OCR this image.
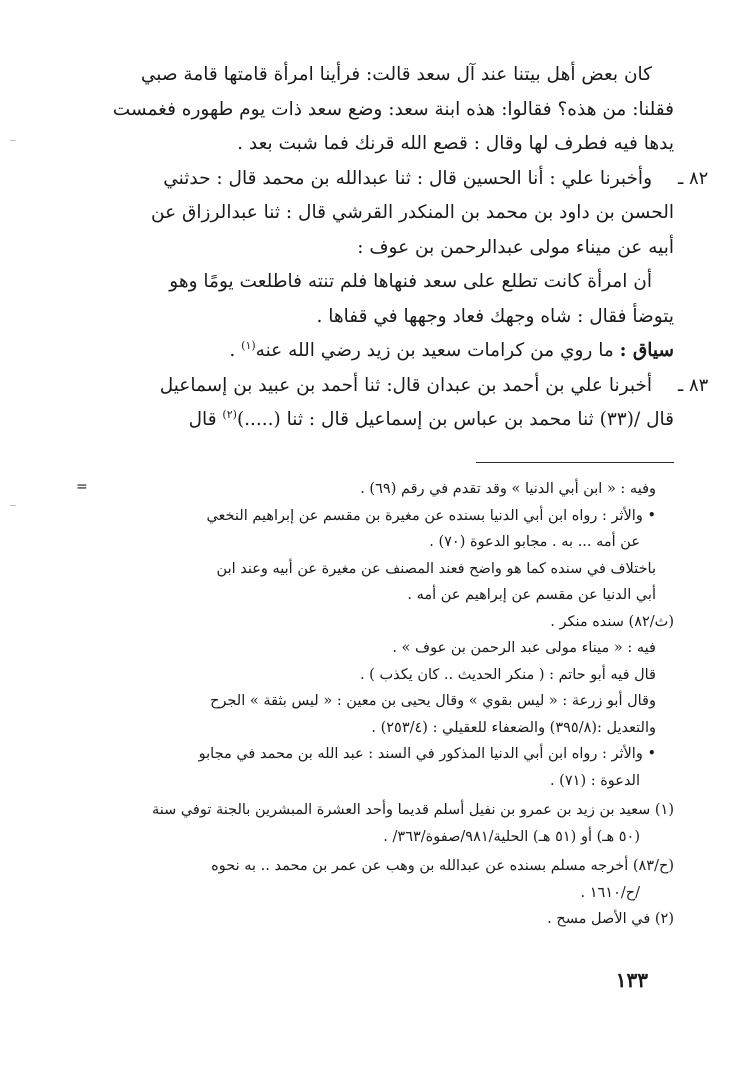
كان بعض أهل بيتنا عند آل سعد قالت: فرأينا امرأة قامتها قامة صبي

فقلنا: من هذه؟ فقالوا: هذه ابنة سعد: وضع سعد ذات يوم طهوره فغمست

يدها فيه فطرف لها وقال : قصع الله قرنك فما شبت بعد .

٨٢ ـ

وأخبرنا علي : أنا الحسين قال : ثنا عبدالله بن محمد قال : حدثني

الحسن بن داود بن محمد بن المنكدر القرشي قال : ثنا عبدالرزاق عن

أبيه عن ميناء مولى عبدالرحمن بن عوف :

أن امرأة كانت تطلع على سعد فنهاها فلم تنته فاطلعت يومًا وهو

يتوضأ فقال : شاه وجهك فعاد وجهها في قفاها .

سياق : ما روي من كرامات سعيد بن زيد رضي الله عنه$^{(١)}$ .

٨٣ ـ

أخبرنا علي بن أحمد بن عبدان قال: ثنا أحمد بن عبيد بن إسماعيل

قال /(٣٣) ثنا محمد بن عباس بن إسماعيل قال : ثنا (.....)$^{(٢)}$ قال

=	وفيه : « ابن أبي الدنيا » وقد تقدم في رقم (٦٩) .

• والأثر : رواه ابن أبي الدنيا بسنده عن مغيرة بن مقسم عن إبراهيم النخعي

عن أمه ... به . مجابو الدعوة (٧٠) .

باختلاف في سنده كما هو واضح فعند المصنف عن مغيرة عن أبيه وعند ابن

أبي الدنيا عن مقسم عن إبراهيم عن أمه .

(ث/٨٢) سنده منكر .

فيه : « ميناء مولى عبد الرحمن بن عوف » .

قال فيه أبو حاتم : ( منكر الحديث .. كان يكذب ) .

وقال أبو زرعة : « ليس بقوي » وقال يحيى بن معين : « ليس بثقة » الجرح

والتعديل :(٣٩٥/٨) والضعفاء للعقيلي : (٢٥٣/٤) .

• والأثر : رواه ابن أبي الدنيا المذكور في السند : عبد الله بن محمد في مجابو

الدعوة : (٧١) .

(١) سعيد بن زيد بن عمرو بن نفيل أسلم قديما وأحد العشرة المبشرين بالجنة توفي سنة

(٥٠ هـ) أو (٥١ هـ) الحلية/٩٨١/صفوة/٣٦٣/ .

(ح/٨٣) أخرجه مسلم بسنده عن عبدالله بن وهب عن عمر بن محمد .. به نحوه

/ح/١٦١٠ .

(٢) في الأصل مسح .

١٣٣
